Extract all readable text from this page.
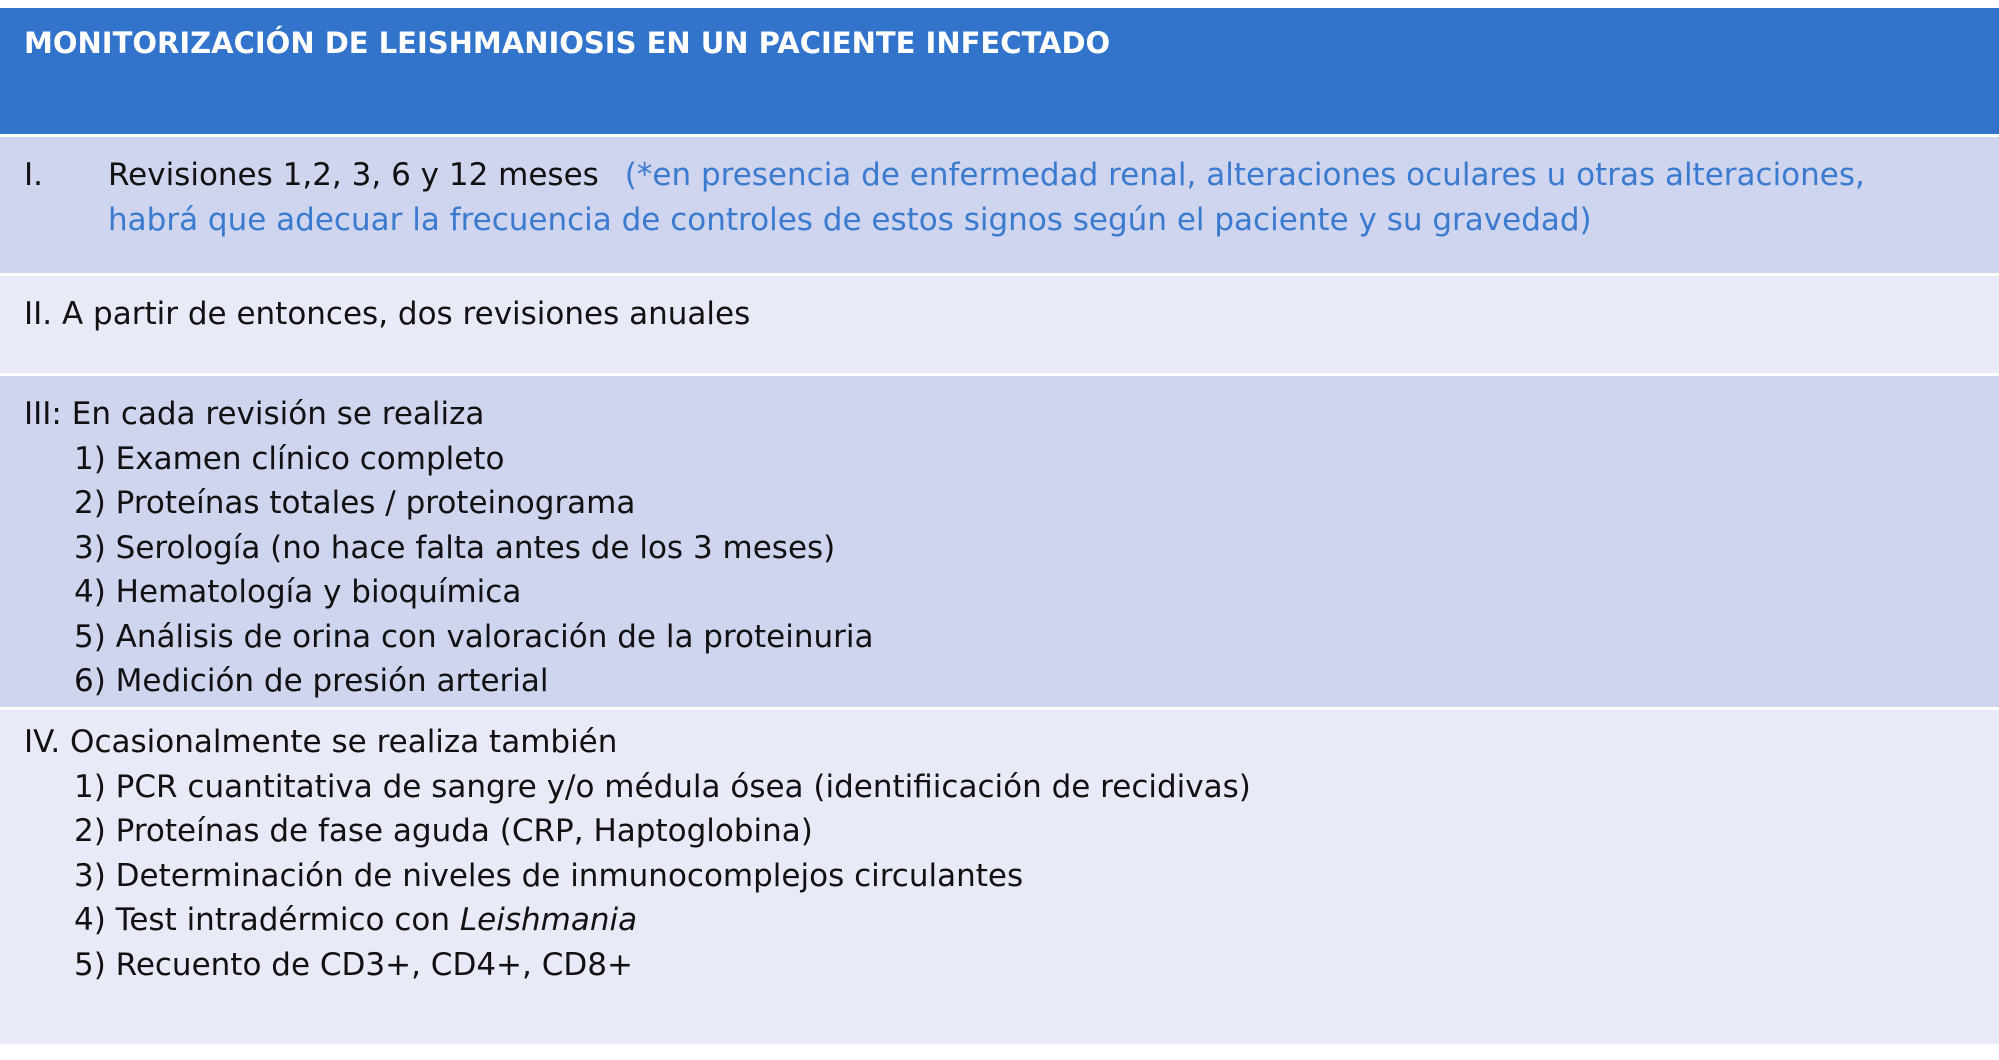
MONITORIZACIÓN DE LEISHMANIOSIS EN UN PACIENTE INFECTADO
I. Revisiones 1,2, 3, 6 y 12 meses (*en presencia de enfermedad renal, alteraciones oculares u otras alteraciones, habrá que adecuar la frecuencia de controles de estos signos según el paciente y su gravedad)
II. A partir de entonces, dos revisiones anuales
III: En cada revisión se realiza
1) Examen clínico completo
2) Proteínas totales / proteinograma
3) Serología (no hace falta antes de los 3 meses)
4) Hematología y bioquímica
5) Análisis de orina con valoración de la proteinuria
6) Medición de presión arterial
IV. Ocasionalmente se realiza también
1) PCR cuantitativa de sangre y/o médula ósea (identifiicación de recidivas)
2) Proteínas de fase aguda (CRP, Haptoglobina)
3) Determinación de niveles de inmunocomplejos circulantes
4) Test intradérmico con Leishmania
5) Recuento de CD3+, CD4+, CD8+
